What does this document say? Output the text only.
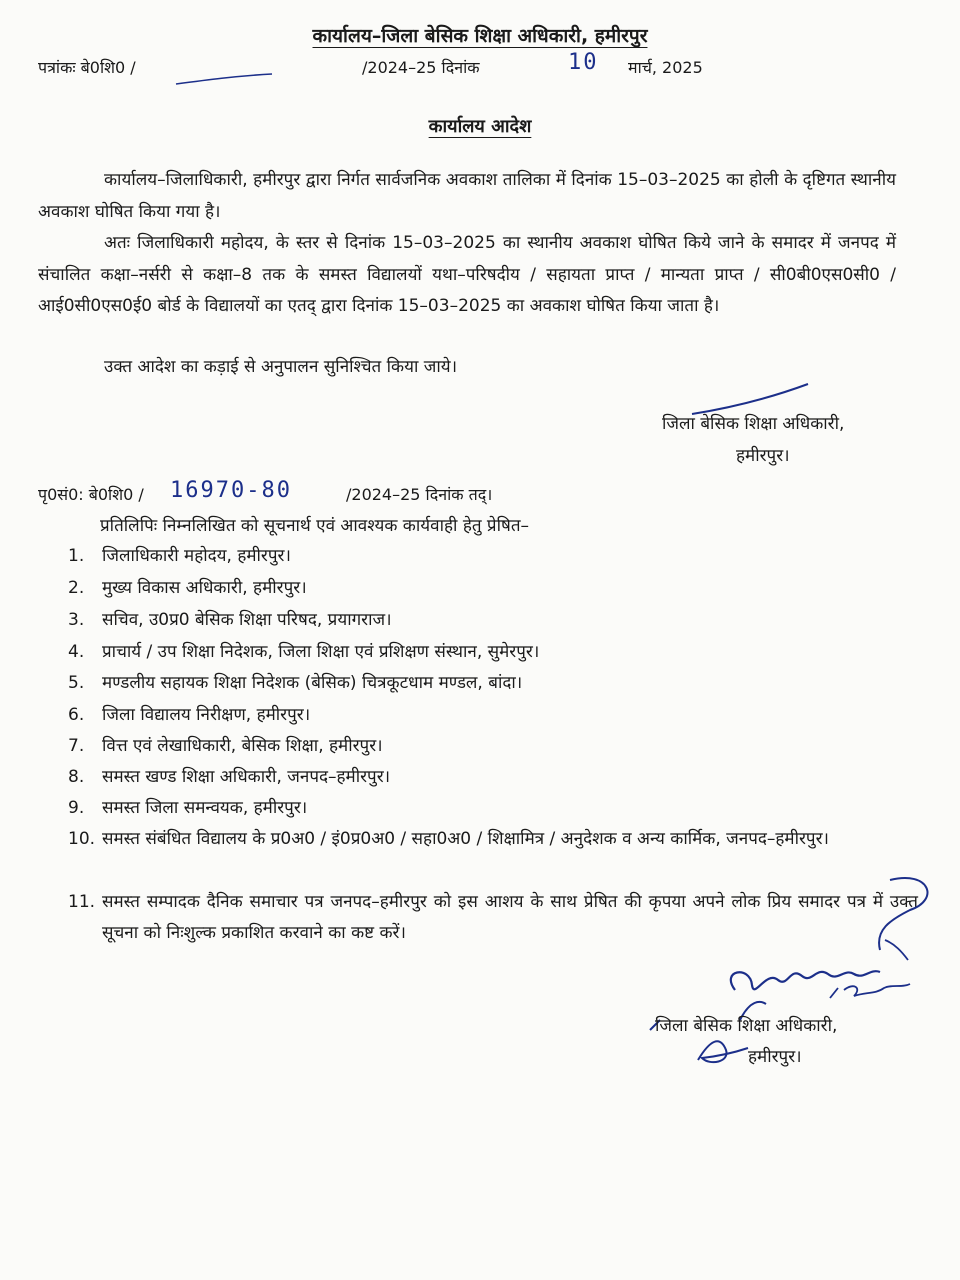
कार्यालय–जिला बेसिक शिक्षा अधिकारी, हमीरपुर
पत्रांकः बे0शि0 /	/2024–25 दिनांक	10 मार्च, 2025
कार्यालय आदेश
कार्यालय–जिलाधिकारी, हमीरपुर द्वारा निर्गत सार्वजनिक अवकाश तालिका में दिनांक 15–03–2025 का होली के दृष्टिगत स्थानीय अवकाश घोषित किया गया है।
अतः जिलाधिकारी महोदय, के स्तर से दिनांक 15–03–2025 का स्थानीय अवकाश घोषित किये जाने के समादर में जनपद में संचालित कक्षा–नर्सरी से कक्षा–8 तक के समस्त विद्यालयों यथा–परिषदीय / सहायता प्राप्त / मान्यता प्राप्त / सी0बी0एस0सी0 / आई0सी0एस0ई0 बोर्ड के विद्यालयों का एतद् द्वारा दिनांक 15–03–2025 का अवकाश घोषित किया जाता है।
उक्त आदेश का कड़ाई से अनुपालन सुनिश्चित किया जाये।
जिला बेसिक शिक्षा अधिकारी,
हमीरपुर।
पृ0सं0: बे0शि0 / 16970-80	/2024–25 दिनांक तद्।
प्रतिलिपिः निम्नलिखित को सूचनार्थ एवं आवश्यक कार्यवाही हेतु प्रेषित–
1.	जिलाधिकारी महोदय, हमीरपुर।
2.	मुख्य विकास अधिकारी, हमीरपुर।
3.	सचिव, उ0प्र0 बेसिक शिक्षा परिषद, प्रयागराज।
4.	प्राचार्य / उप शिक्षा निदेशक, जिला शिक्षा एवं प्रशिक्षण संस्थान, सुमेरपुर।
5.	मण्डलीय सहायक शिक्षा निदेशक (बेसिक) चित्रकूटधाम मण्डल, बांदा।
6.	जिला विद्यालय निरीक्षण, हमीरपुर।
7.	वित्त एवं लेखाधिकारी, बेसिक शिक्षा, हमीरपुर।
8.	समस्त खण्ड शिक्षा अधिकारी, जनपद–हमीरपुर।
9.	समस्त जिला समन्वयक, हमीरपुर।
10. समस्त संबंधित विद्यालय के प्र0अ0 / इं0प्र0अ0 / सहा0अ0 / शिक्षामित्र / अनुदेशक व अन्य कार्मिक, जनपद–हमीरपुर।
11. समस्त सम्पादक दैनिक समाचार पत्र जनपद–हमीरपुर को इस आशय के साथ प्रेषित की कृपया अपने लोक प्रिय समादर पत्र में उक्त सूचना को निःशुल्क प्रकाशित करवाने का कष्ट करें।
जिला बेसिक शिक्षा अधिकारी,
हमीरपुर।
